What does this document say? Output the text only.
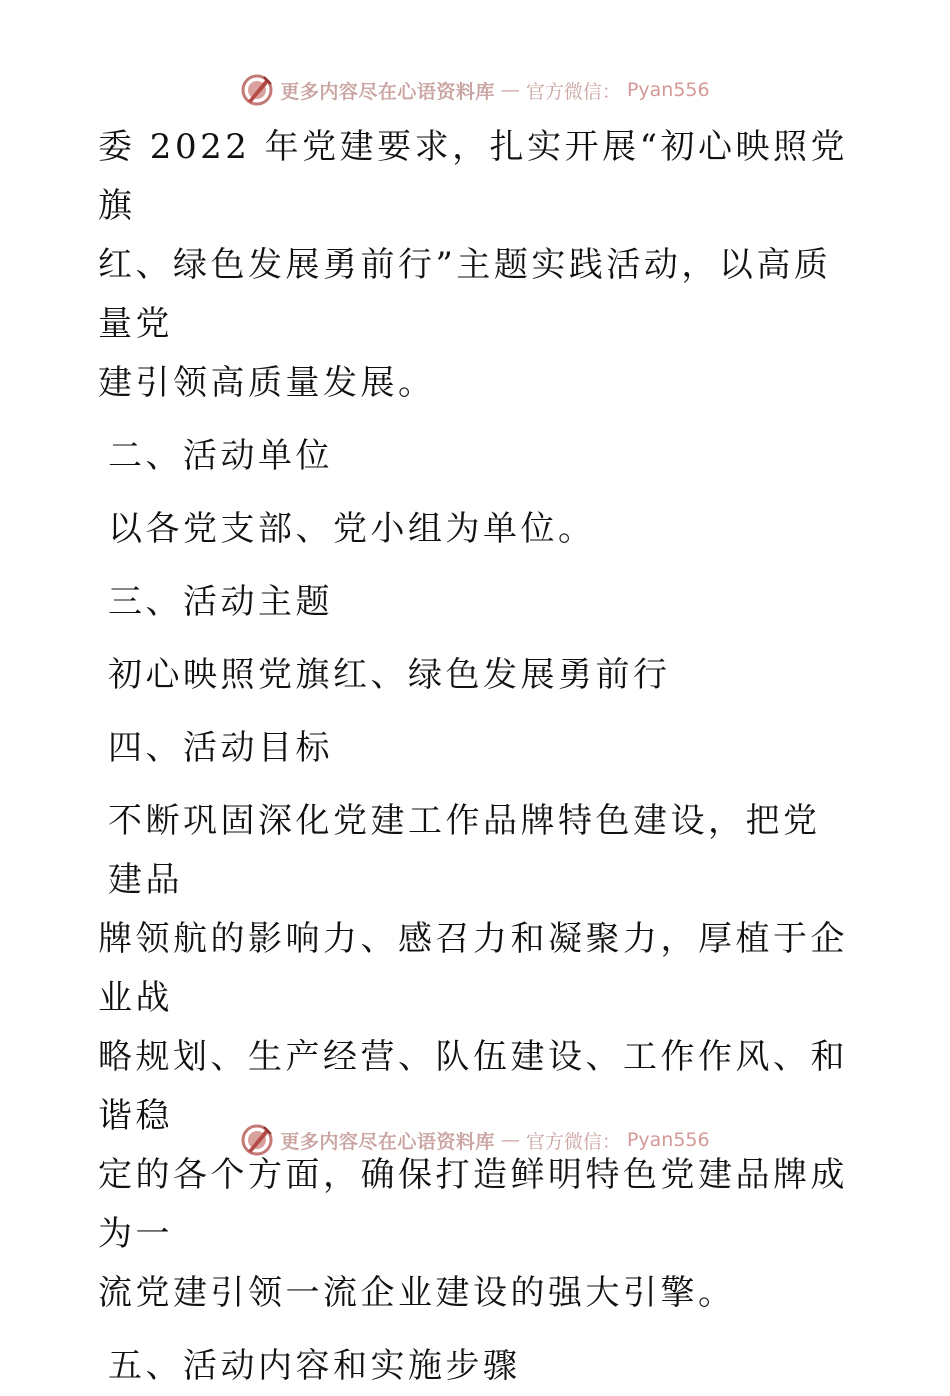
更多内容尽在心语资料库 — 官方微信： Pyan556

委 2022 年党建要求，扎实开展“初心映照党旗

红、绿色发展勇前行”主题实践活动，以高质量党

建引领高质量发展。

二、活动单位

以各党支部、党小组为单位。

三、活动主题

初心映照党旗红、绿色发展勇前行

四、活动目标

不断巩固深化党建工作品牌特色建设，把党建品

牌领航的影响力、感召力和凝聚力，厚植于企业战

略规划、生产经营、队伍建设、工作作风、和谐稳

定的各个方面，确保打造鲜明特色党建品牌成为一

流党建引领一流企业建设的强大引擎。

五、活动内容和实施步骤

更多内容尽在心语资料库 — 官方微信： Pyan556
